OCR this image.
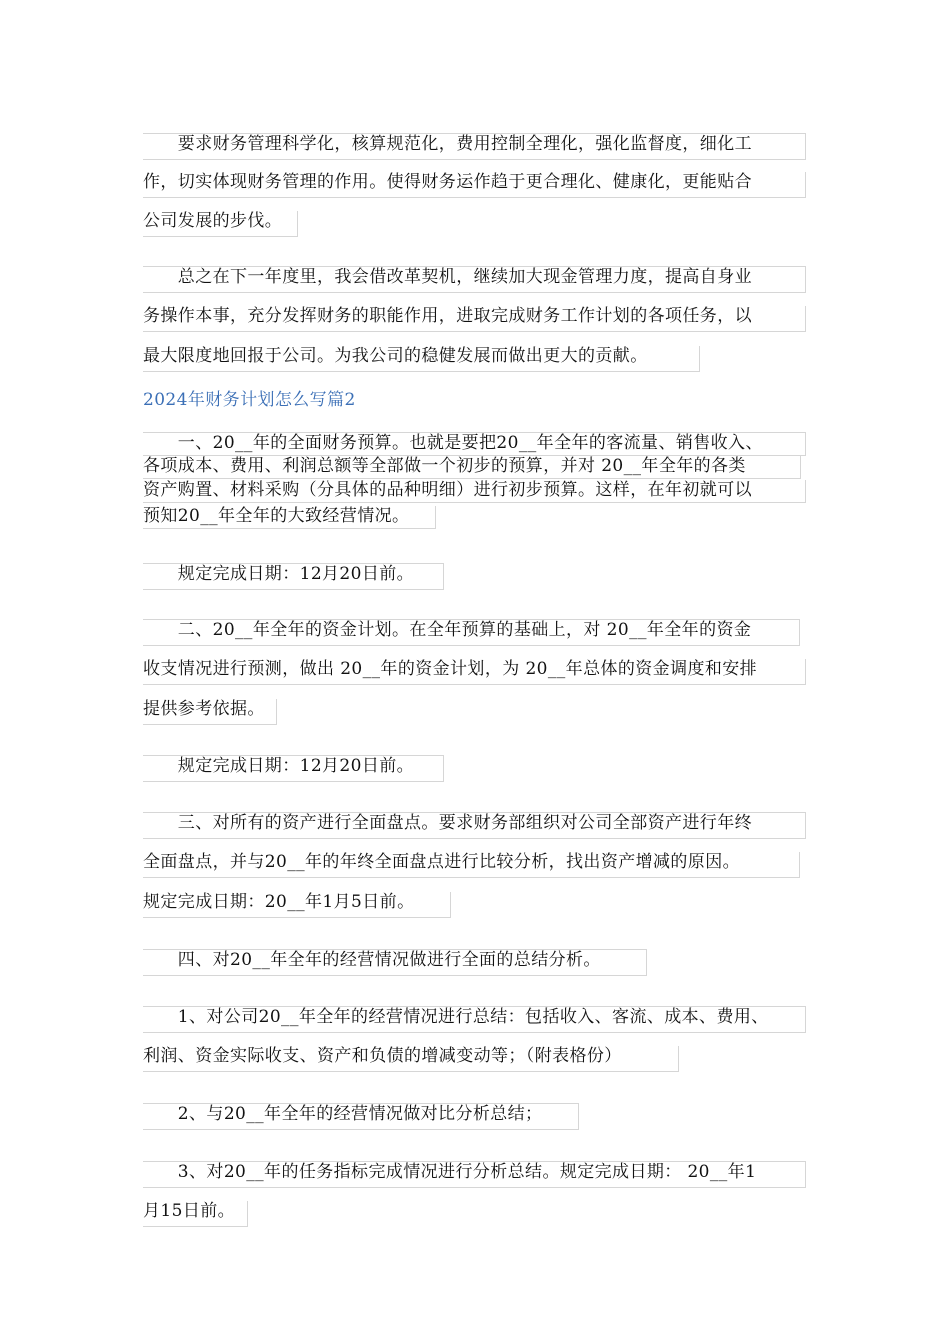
　　要求财务管理科学化，核算规范化，费用控制全理化，强化监督度，细化工
作，切实体现财务管理的作用。使得财务运作趋于更合理化、健康化，更能贴合
公司发展的步伐。
　　总之在下一年度里，我会借改革契机，继续加大现金管理力度，提高自身业
务操作本事，充分发挥财务的职能作用，进取完成财务工作计划的各项任务，以
最大限度地回报于公司。为我公司的稳健发展而做出更大的贡献。
2024年财务计划怎么写篇2
　　一、20__年的全面财务预算。也就是要把20__年全年的客流量、销售收入、
各项成本、费用、利润总额等全部做一个初步的预算，并对 20__年全年的各类
资产购置、材料采购（分具体的品种明细）进行初步预算。这样，在年初就可以
预知20__年全年的大致经营情况。
　　规定完成日期：12月20日前。
　　二、20__年全年的资金计划。在全年预算的基础上，对 20__年全年的资金
收支情况进行预测，做出 20__年的资金计划，为 20__年总体的资金调度和安排
提供参考依据。
　　规定完成日期：12月20日前。
　　三、对所有的资产进行全面盘点。要求财务部组织对公司全部资产进行年终
全面盘点，并与20__年的年终全面盘点进行比较分析，找出资产增减的原因。
规定完成日期：20__年1月5日前。
　　四、对20__年全年的经营情况做进行全面的总结分析。
　　1、对公司20__年全年的经营情况进行总结：包括收入、客流、成本、费用、
利润、资金实际收支、资产和负债的增减变动等；（附表格份）
　　2、与20__年全年的经营情况做对比分析总结；
　　3、对20__年的任务指标完成情况进行分析总结。规定完成日期： 20__年1
月15日前。
